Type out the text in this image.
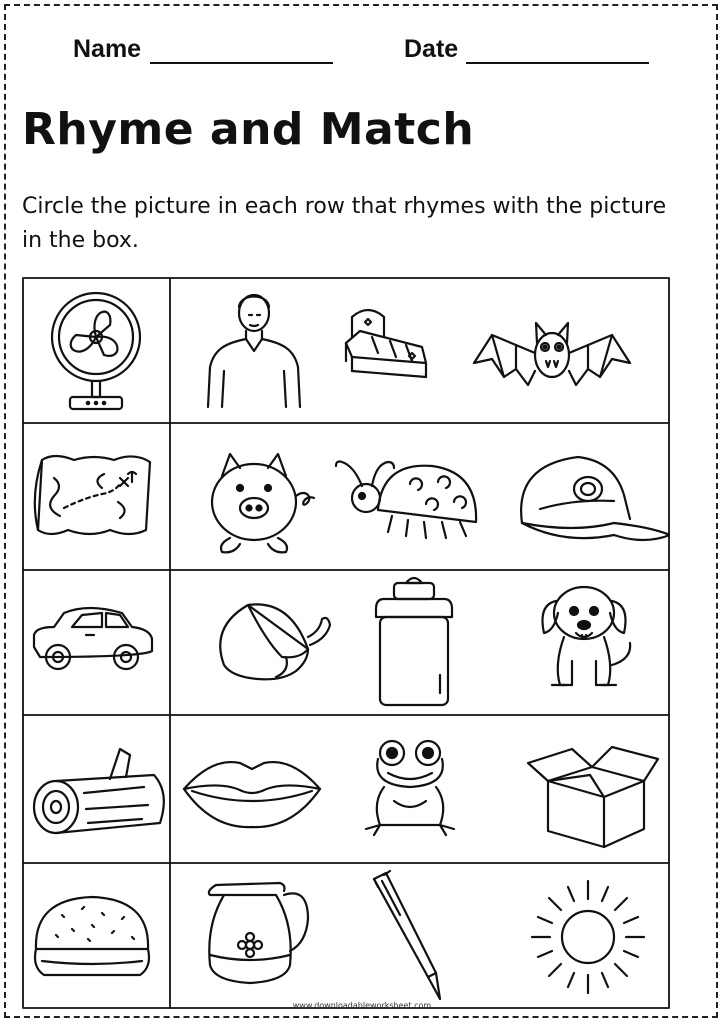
Name	Date
Rhyme and Match
Circle the picture in each row that rhymes with the picture in the box.
www.downloadableworksheet.com
